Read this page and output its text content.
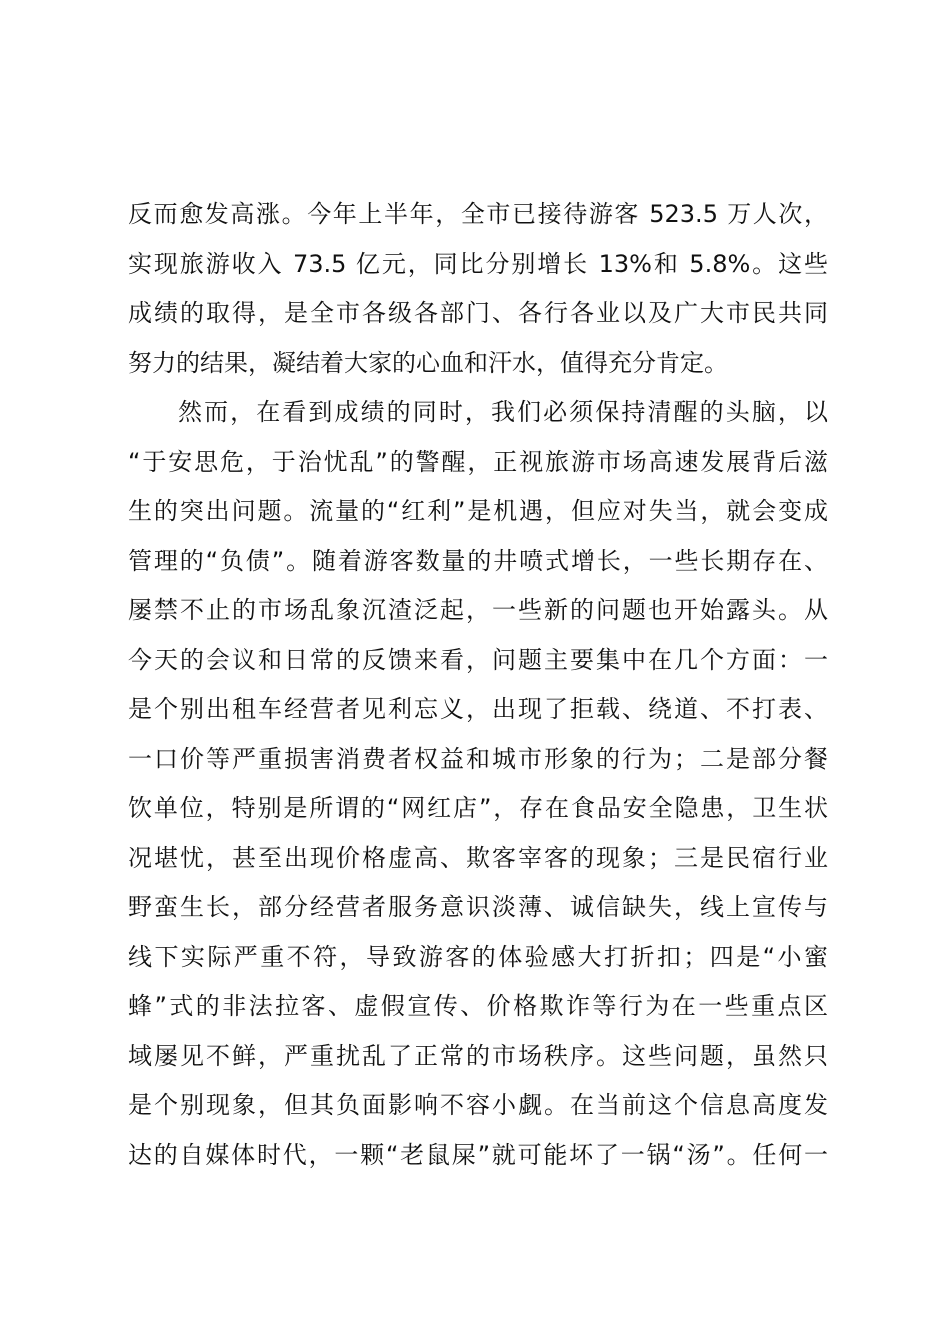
反而愈发高涨。今年上半年，全市已接待游客 523.5 万人次，
实现旅游收入 73.5 亿元，同比分别增长 13%和 5.8%。这些
成绩的取得，是全市各级各部门、各行各业以及广大市民共同
努力的结果，凝结着大家的心血和汗水，值得充分肯定。
然而，在看到成绩的同时，我们必须保持清醒的头脑，以
“于安思危，于治忧乱”的警醒，正视旅游市场高速发展背后滋
生的突出问题。流量的“红利”是机遇，但应对失当，就会变成
管理的“负债”。随着游客数量的井喷式增长，一些长期存在、
屡禁不止的市场乱象沉渣泛起，一些新的问题也开始露头。从
今天的会议和日常的反馈来看，问题主要集中在几个方面：一
是个别出租车经营者见利忘义，出现了拒载、绕道、不打表、
一口价等严重损害消费者权益和城市形象的行为；二是部分餐
饮单位，特别是所谓的“网红店”，存在食品安全隐患，卫生状
况堪忧，甚至出现价格虚高、欺客宰客的现象；三是民宿行业
野蛮生长，部分经营者服务意识淡薄、诚信缺失，线上宣传与
线下实际严重不符，导致游客的体验感大打折扣；四是“小蜜
蜂”式的非法拉客、虚假宣传、价格欺诈等行为在一些重点区
域屡见不鲜，严重扰乱了正常的市场秩序。这些问题，虽然只
是个别现象，但其负面影响不容小觑。在当前这个信息高度发
达的自媒体时代，一颗“老鼠屎”就可能坏了一锅“汤”。任何一
